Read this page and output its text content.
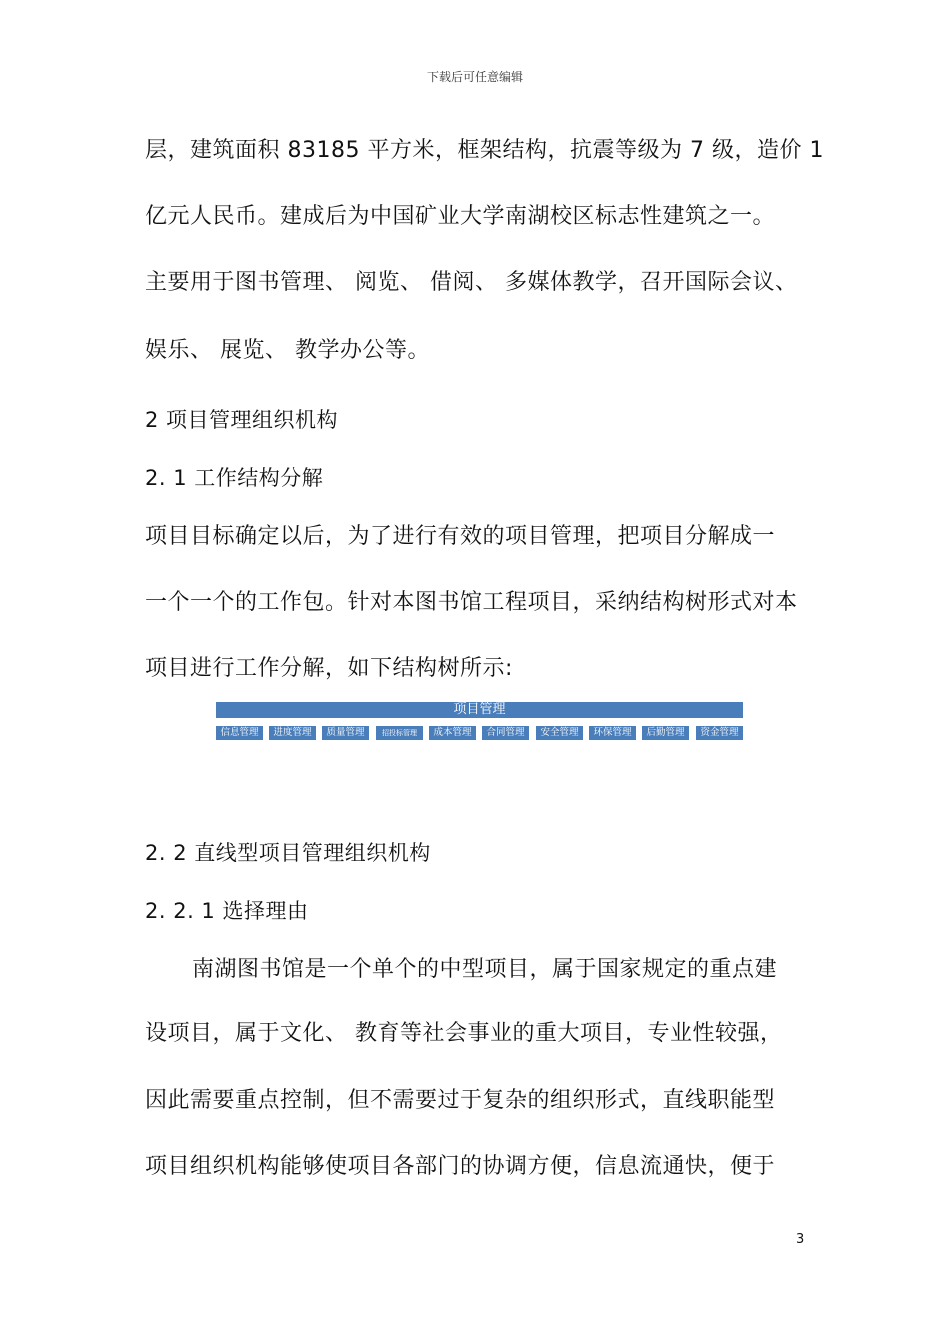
下载后可任意编辑
层，建筑面积 83185 平方米，框架结构，抗震等级为 7 级，造价 1
亿元人民币。建成后为中国矿业大学南湖校区标志性建筑之一。
主要用于图书管理、 阅览、 借阅、 多媒体教学，召开国际会议、
娱乐、 展览、 教学办公等。
2 项目管理组织机构
2. 1 工作结构分解
项目目标确定以后，为了进行有效的项目管理，把项目分解成一
一个一个的工作包。针对本图书馆工程项目，采纳结构树形式对本
项目进行工作分解，如下结构树所示:
项目管理
信息管理	进度管理	质量管理	招投标管理	成本管理	合同管理	安全管理	环保管理	后勤管理	资金管理
2. 2 直线型项目管理组织机构
2. 2. 1 选择理由
南湖图书馆是一个单个的中型项目，属于国家规定的重点建
设项目，属于文化、 教育等社会事业的重大项目，专业性较强，
因此需要重点控制，但不需要过于复杂的组织形式，直线职能型
项目组织机构能够使项目各部门的协调方便，信息流通快，便于
3
